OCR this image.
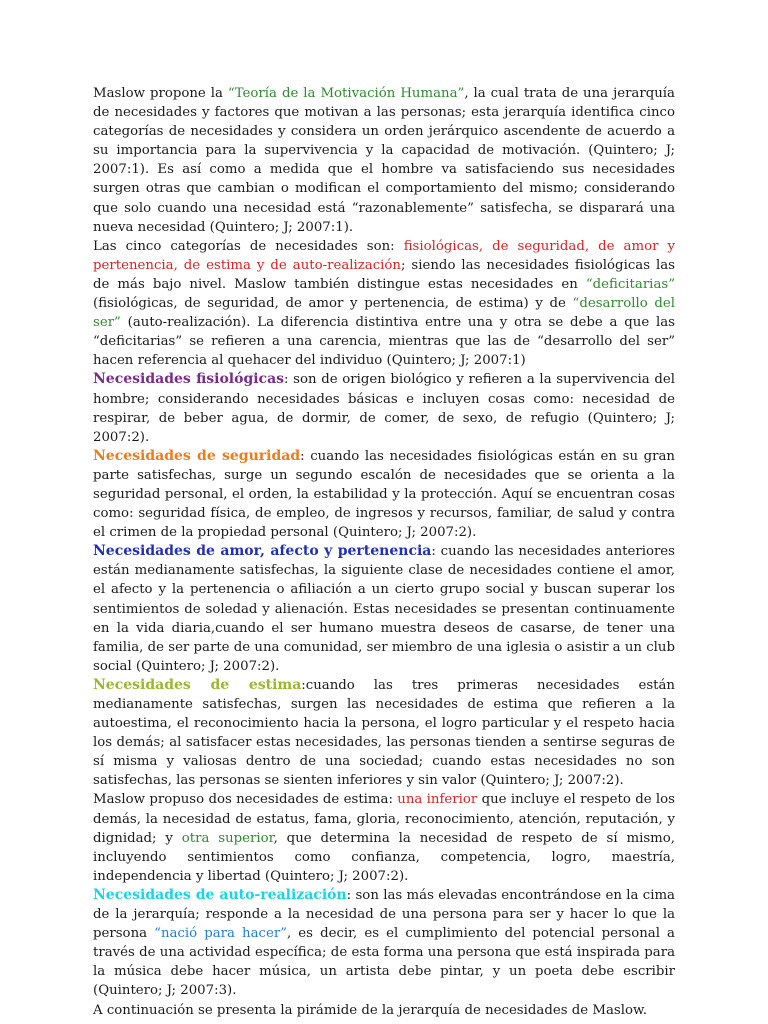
Maslow propone la “Teoría de la Motivación Humana”, la cual trata de una jerarquía de necesidades y factores que motivan a las personas; esta jerarquía identifica cinco categorías de necesidades y considera un orden jerárquico ascendente de acuerdo a su importancia para la supervivencia y la capacidad de motivación. (Quintero; J; 2007:1). Es así como a medida que el hombre va satisfaciendo sus necesidades surgen otras que cambian o modifican el comportamiento del mismo; considerando que solo cuando una necesidad está “razonablemente” satisfecha, se disparará una nueva necesidad (Quintero; J; 2007:1).

Las cinco categorías de necesidades son: fisiológicas, de seguridad, de amor y pertenencia, de estima y de auto-realización; siendo las necesidades fisiológicas las de más bajo nivel. Maslow también distingue estas necesidades en “deficitarias” (fisiológicas, de seguridad, de amor y pertenencia, de estima) y de “desarrollo del ser” (auto-realización). La diferencia distintiva entre una y otra se debe a que las “deficitarias” se refieren a una carencia, mientras que las de “desarrollo del ser” hacen referencia al quehacer del individuo (Quintero; J; 2007:1)

Necesidades fisiológicas: son de origen biológico y refieren a la supervivencia del hombre; considerando necesidades básicas e incluyen cosas como: necesidad de respirar, de beber agua, de dormir, de comer, de sexo, de refugio (Quintero; J; 2007:2).

Necesidades de seguridad: cuando las necesidades fisiológicas están en su gran parte satisfechas, surge un segundo escalón de necesidades que se orienta a la seguridad personal, el orden, la estabilidad y la protección. Aquí se encuentran cosas como: seguridad física, de empleo, de ingresos y recursos, familiar, de salud y contra el crimen de la propiedad personal (Quintero; J; 2007:2).

Necesidades de amor, afecto y pertenencia: cuando las necesidades anteriores están medianamente satisfechas, la siguiente clase de necesidades contiene el amor, el afecto y la pertenencia o afiliación a un cierto grupo social y buscan superar los sentimientos de soledad y alienación. Estas necesidades se presentan continuamente en la vida diaria,cuando el ser humano muestra deseos de casarse, de tener una familia, de ser parte de una comunidad, ser miembro de una iglesia o asistir a un club social (Quintero; J; 2007:2).

Necesidades de estima:cuando las tres primeras necesidades están medianamente satisfechas, surgen las necesidades de estima que refieren a la autoestima, el reconocimiento hacia la persona, el logro particular y el respeto hacia los demás; al satisfacer estas necesidades, las personas tienden a sentirse seguras de sí misma y valiosas dentro de una sociedad; cuando estas necesidades no son satisfechas, las personas se sienten inferiores y sin valor (Quintero; J; 2007:2).

Maslow propuso dos necesidades de estima: una inferior que incluye el respeto de los demás, la necesidad de estatus, fama, gloria, reconocimiento, atención, reputación, y dignidad; y otra superior, que determina la necesidad de respeto de sí mismo, incluyendo sentimientos como confianza, competencia, logro, maestría, independencia y libertad (Quintero; J; 2007:2).

Necesidades de auto-realización: son las más elevadas encontrándose en la cima de la jerarquía; responde a la necesidad de una persona para ser y hacer lo que la persona “nació para hacer”, es decir, es el cumplimiento del potencial personal a través de una actividad específica; de esta forma una persona que está inspirada para la música debe hacer música, un artista debe pintar, y un poeta debe escribir (Quintero; J; 2007:3).

A continuación se presenta la pirámide de la jerarquía de necesidades de Maslow.
